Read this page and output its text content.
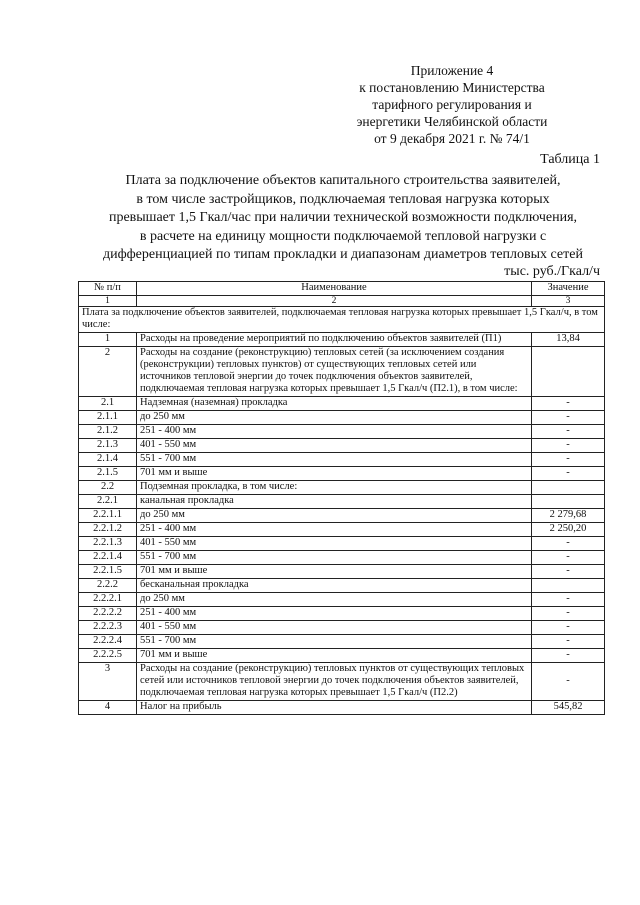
Приложение 4
к постановлению Министерства
тарифного регулирования и
энергетики Челябинской области
от 9 декабря 2021 г. № 74/1
Таблица 1
Плата за подключение объектов капитального строительства заявителей,
в том числе застройщиков, подключаемая тепловая нагрузка которых
превышает 1,5 Гкал/час при наличии технической возможности подключения,
в расчете на единицу мощности подключаемой тепловой нагрузки с
дифференциацией по типам прокладки и диапазонам диаметров тепловых сетей
тыс. руб./Гкал/ч
№ п/п	Наименование	Значение
1	2	3
Плата за подключение объектов заявителей, подключаемая тепловая нагрузка которых превышает 1,5 Гкал/ч, в том числе:		
1	Расходы на проведение мероприятий по подключению объектов заявителей (П1)	13,84
2	Расходы на создание (реконструкцию) тепловых сетей (за исключением создания (реконструкции) тепловых пунктов) от существующих тепловых сетей или источников тепловой энергии до точек подключения объектов заявителей, подключаемая тепловая нагрузка которых превышает 1,5 Гкал/ч (П2.1), в том числе:	
2.1	Надземная (наземная) прокладка	-
2.1.1	до 250 мм	-
2.1.2	251 - 400 мм	-
2.1.3	401 - 550 мм	-
2.1.4	551 - 700 мм	-
2.1.5	701 мм и выше	-
2.2	Подземная прокладка, в том числе:	
2.2.1	канальная прокладка	
2.2.1.1	до 250 мм	2 279,68
2.2.1.2	251 - 400 мм	2 250,20
2.2.1.3	401 - 550 мм	-
2.2.1.4	551 - 700 мм	-
2.2.1.5	701 мм и выше	-
2.2.2	бесканальная прокладка	
2.2.2.1	до 250 мм	-
2.2.2.2	251 - 400 мм	-
2.2.2.3	401 - 550 мм	-
2.2.2.4	551 - 700 мм	-
2.2.2.5	701 мм и выше	-
3	Расходы на создание (реконструкцию) тепловых пунктов от существующих тепловых сетей или источников тепловой энергии до точек подключения объектов заявителей, подключаемая тепловая нагрузка которых превышает 1,5 Гкал/ч (П2.2)	-
4	Налог на прибыль	545,82
